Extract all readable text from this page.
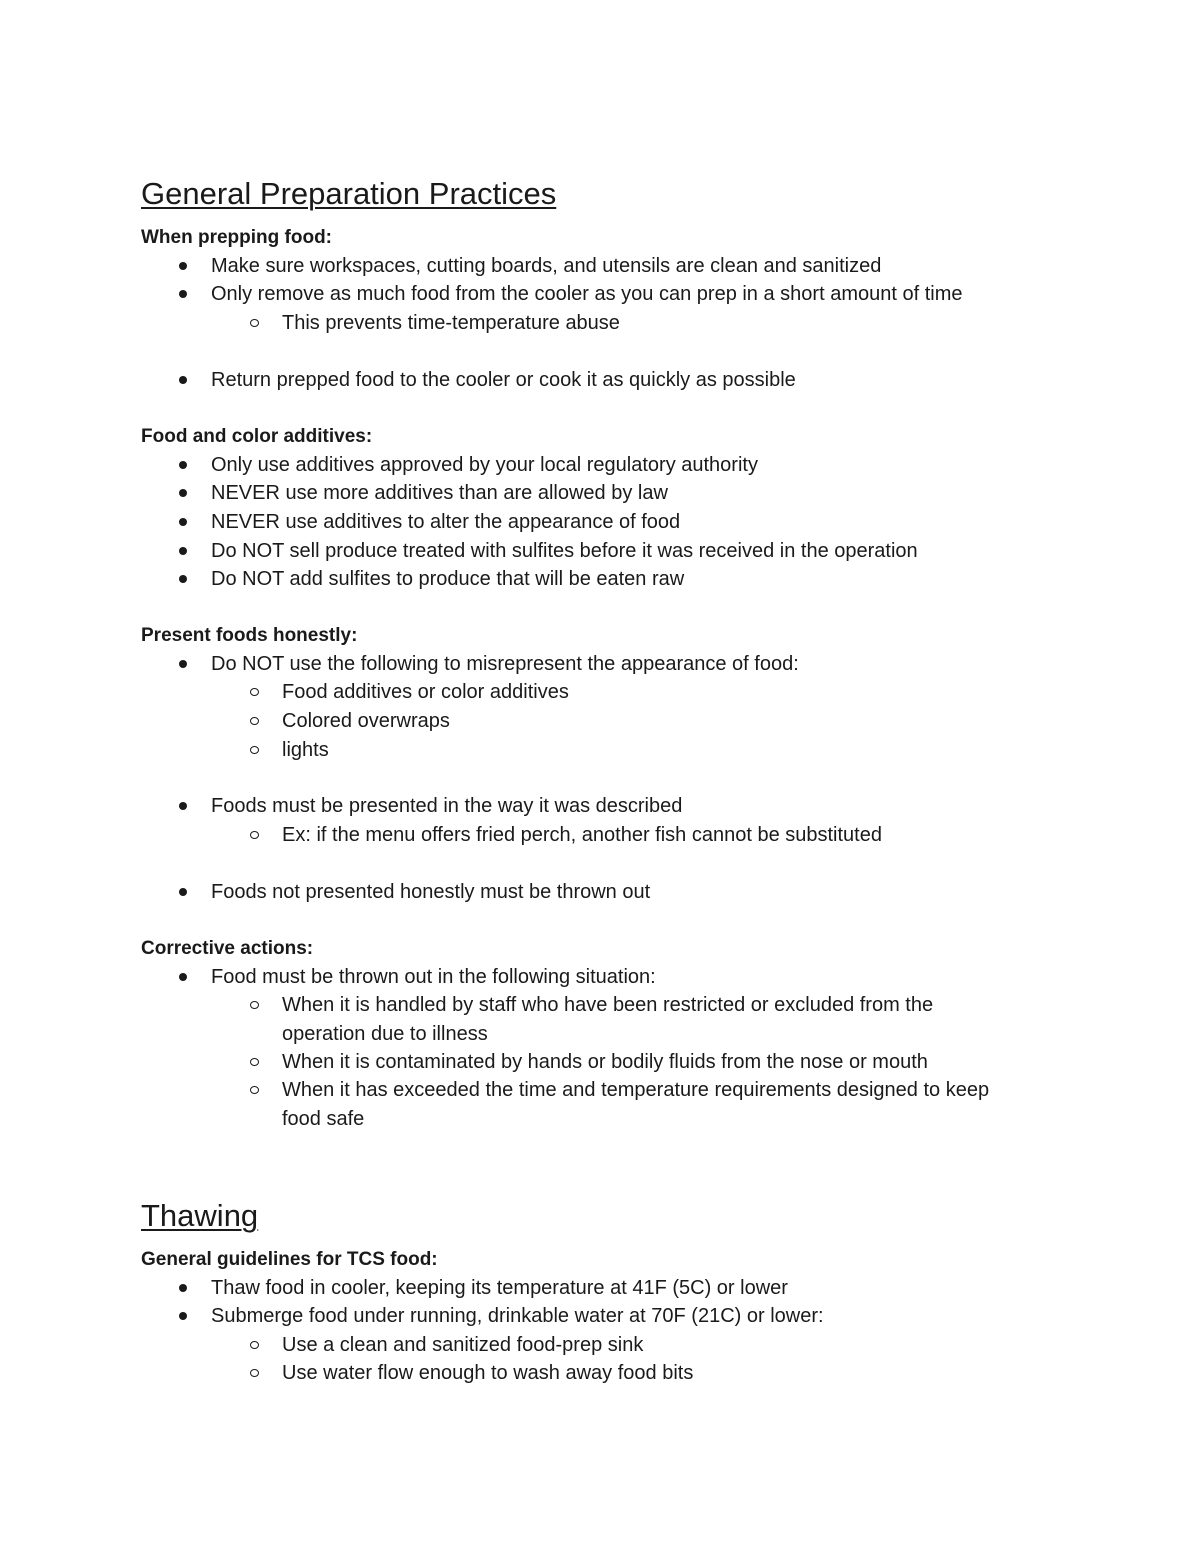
General Preparation Practices
When prepping food:
Make sure workspaces, cutting boards, and utensils are clean and sanitized
Only remove as much food from the cooler as you can prep in a short amount of time
This prevents time-temperature abuse
Return prepped food to the cooler or cook it as quickly as possible
Food and color additives:
Only use additives approved by your local regulatory authority
NEVER use more additives than are allowed by law
NEVER use additives to alter the appearance of food
Do NOT sell produce treated with sulfites before it was received in the operation
Do NOT add sulfites to produce that will be eaten raw
Present foods honestly:
Do NOT use the following to misrepresent the appearance of food:
Food additives or color additives
Colored overwraps
lights
Foods must be presented in the way it was described
Ex: if the menu offers fried perch, another fish cannot be substituted
Foods not presented honestly must be thrown out
Corrective actions:
Food must be thrown out in the following situation:
When it is handled by staff who have been restricted or excluded from the
operation due to illness
When it is contaminated by hands or bodily fluids from the nose or mouth
When it has exceeded the time and temperature requirements designed to keep
food safe
Thawing
General guidelines for TCS food:
Thaw food in cooler, keeping its temperature at 41F (5C) or lower
Submerge food under running, drinkable water at 70F (21C) or lower:
Use a clean and sanitized food-prep sink
Use water flow enough to wash away food bits
